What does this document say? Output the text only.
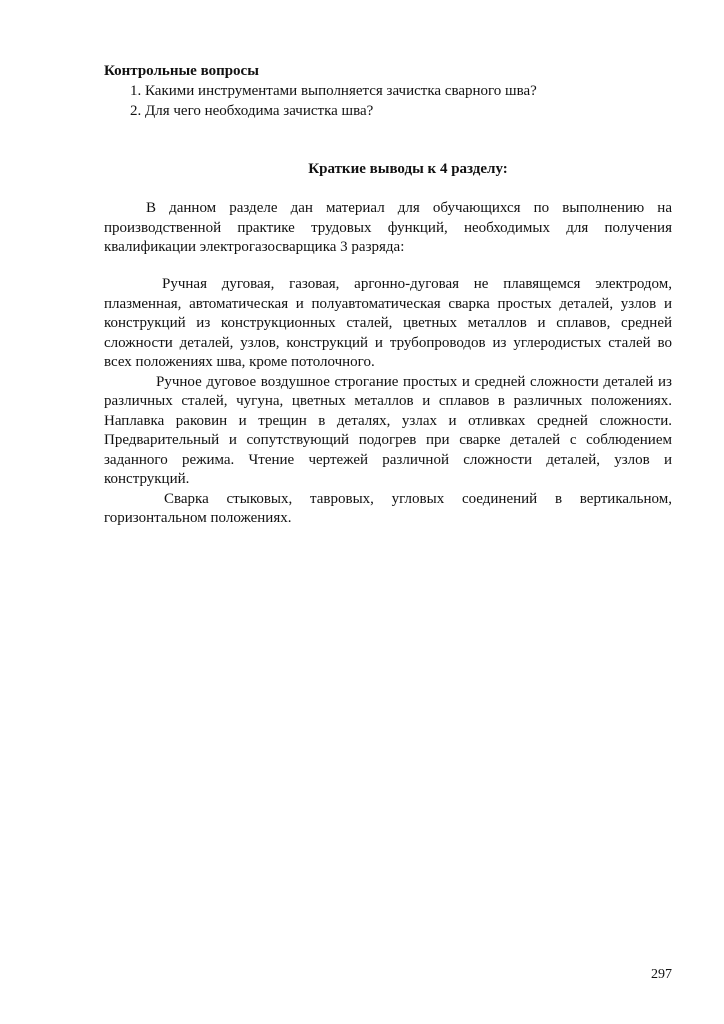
Контрольные вопросы

1. Какими инструментами выполняется зачистка сварного шва?
2. Для чего необходима зачистка шва?

Краткие выводы к 4 разделу:

В данном разделе дан материал для обучающихся по выполнению на производственной практике трудовых функций, необходимых для получения квалификации электрогазосварщика 3 разряда:

Ручная дуговая, газовая, аргонно-дуговая не плавящемся электродом, плазменная, автоматическая и полуавтоматическая сварка простых деталей, узлов и конструкций из конструкционных сталей, цветных металлов и сплавов, средней сложности деталей, узлов, конструкций и трубопроводов из углеродистых сталей во всех положениях шва, кроме потолочного.

Ручное дуговое воздушное строгание простых и средней сложности деталей из различных сталей, чугуна, цветных металлов и сплавов в различных положениях. Наплавка раковин и трещин в деталях, узлах и отливках средней сложности. Предварительный и сопутствующий подогрев при сварке деталей с соблюдением заданного режима. Чтение чертежей различной сложности деталей, узлов и конструкций.

Сварка стыковых, тавровых, угловых соединений в вертикальном, горизонтальном положениях.

297
